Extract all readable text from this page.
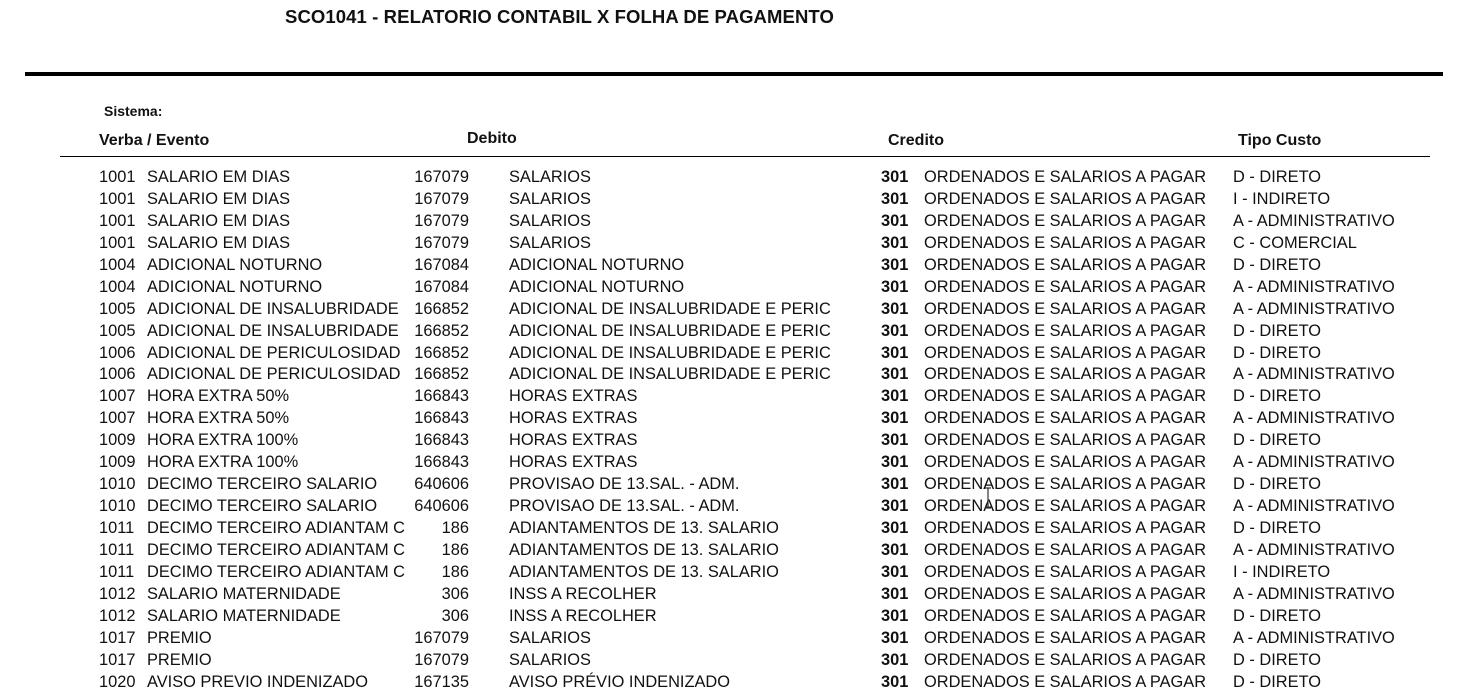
SCO1041 - RELATORIO CONTABIL X FOLHA DE PAGAMENTO
Sistema:
Verba / Evento	Debito	Credito	Tipo Custo
1001 SALARIO EM DIAS	167079 SALARIOS	301 ORDENADOS E SALARIOS A PAGAR D - DIRETO
1001 SALARIO EM DIAS	167079 SALARIOS	301 ORDENADOS E SALARIOS A PAGAR I - INDIRETO
1001 SALARIO EM DIAS	167079 SALARIOS	301 ORDENADOS E SALARIOS A PAGAR A - ADMINISTRATIVO
1001 SALARIO EM DIAS	167079 SALARIOS	301 ORDENADOS E SALARIOS A PAGAR C - COMERCIAL
1004 ADICIONAL NOTURNO	167084 ADICIONAL NOTURNO	301 ORDENADOS E SALARIOS A PAGAR D - DIRETO
1004 ADICIONAL NOTURNO	167084 ADICIONAL NOTURNO	301 ORDENADOS E SALARIOS A PAGAR A - ADMINISTRATIVO
1005 ADICIONAL DE INSALUBRIDADE 166852 ADICIONAL DE INSALUBRIDADE E PERIC	301 ORDENADOS E SALARIOS A PAGAR A - ADMINISTRATIVO
1005 ADICIONAL DE INSALUBRIDADE 166852 ADICIONAL DE INSALUBRIDADE E PERIC	301 ORDENADOS E SALARIOS A PAGAR D - DIRETO
1006 ADICIONAL DE PERICULOSIDAD 166852 ADICIONAL DE INSALUBRIDADE E PERIC	301 ORDENADOS E SALARIOS A PAGAR D - DIRETO
1006 ADICIONAL DE PERICULOSIDAD 166852 ADICIONAL DE INSALUBRIDADE E PERIC	301 ORDENADOS E SALARIOS A PAGAR A - ADMINISTRATIVO
1007 HORA EXTRA 50%	166843 HORAS EXTRAS	301 ORDENADOS E SALARIOS A PAGAR D - DIRETO
1007 HORA EXTRA 50%	166843 HORAS EXTRAS	301 ORDENADOS E SALARIOS A PAGAR A - ADMINISTRATIVO
1009 HORA EXTRA 100%	166843 HORAS EXTRAS	301 ORDENADOS E SALARIOS A PAGAR D - DIRETO
1009 HORA EXTRA 100%	166843 HORAS EXTRAS	301 ORDENADOS E SALARIOS A PAGAR A - ADMINISTRATIVO
1010 DECIMO TERCEIRO SALARIO	640606 PROVISAO DE 13.SAL. - ADM.	301 ORDENADOS E SALARIOS A PAGAR D - DIRETO
1010 DECIMO TERCEIRO SALARIO	640606 PROVISAO DE 13.SAL. - ADM.	301 ORDENADOS E SALARIOS A PAGAR A - ADMINISTRATIVO
1011 DECIMO TERCEIRO ADIANTAM C	186 ADIANTAMENTOS DE 13. SALARIO	301 ORDENADOS E SALARIOS A PAGAR D - DIRETO
1011 DECIMO TERCEIRO ADIANTAM C	186 ADIANTAMENTOS DE 13. SALARIO	301 ORDENADOS E SALARIOS A PAGAR A - ADMINISTRATIVO
1011 DECIMO TERCEIRO ADIANTAM C	186 ADIANTAMENTOS DE 13. SALARIO	301 ORDENADOS E SALARIOS A PAGAR I - INDIRETO
1012 SALARIO MATERNIDADE	306 INSS A RECOLHER	301 ORDENADOS E SALARIOS A PAGAR A - ADMINISTRATIVO
1012 SALARIO MATERNIDADE	306 INSS A RECOLHER	301 ORDENADOS E SALARIOS A PAGAR D - DIRETO
1017 PREMIO	167079 SALARIOS	301 ORDENADOS E SALARIOS A PAGAR A - ADMINISTRATIVO
1017 PREMIO	167079 SALARIOS	301 ORDENADOS E SALARIOS A PAGAR D - DIRETO
1020 AVISO PREVIO INDENIZADO	167135 AVISO PRÉVIO INDENIZADO	301 ORDENADOS E SALARIOS A PAGAR D - DIRETO
